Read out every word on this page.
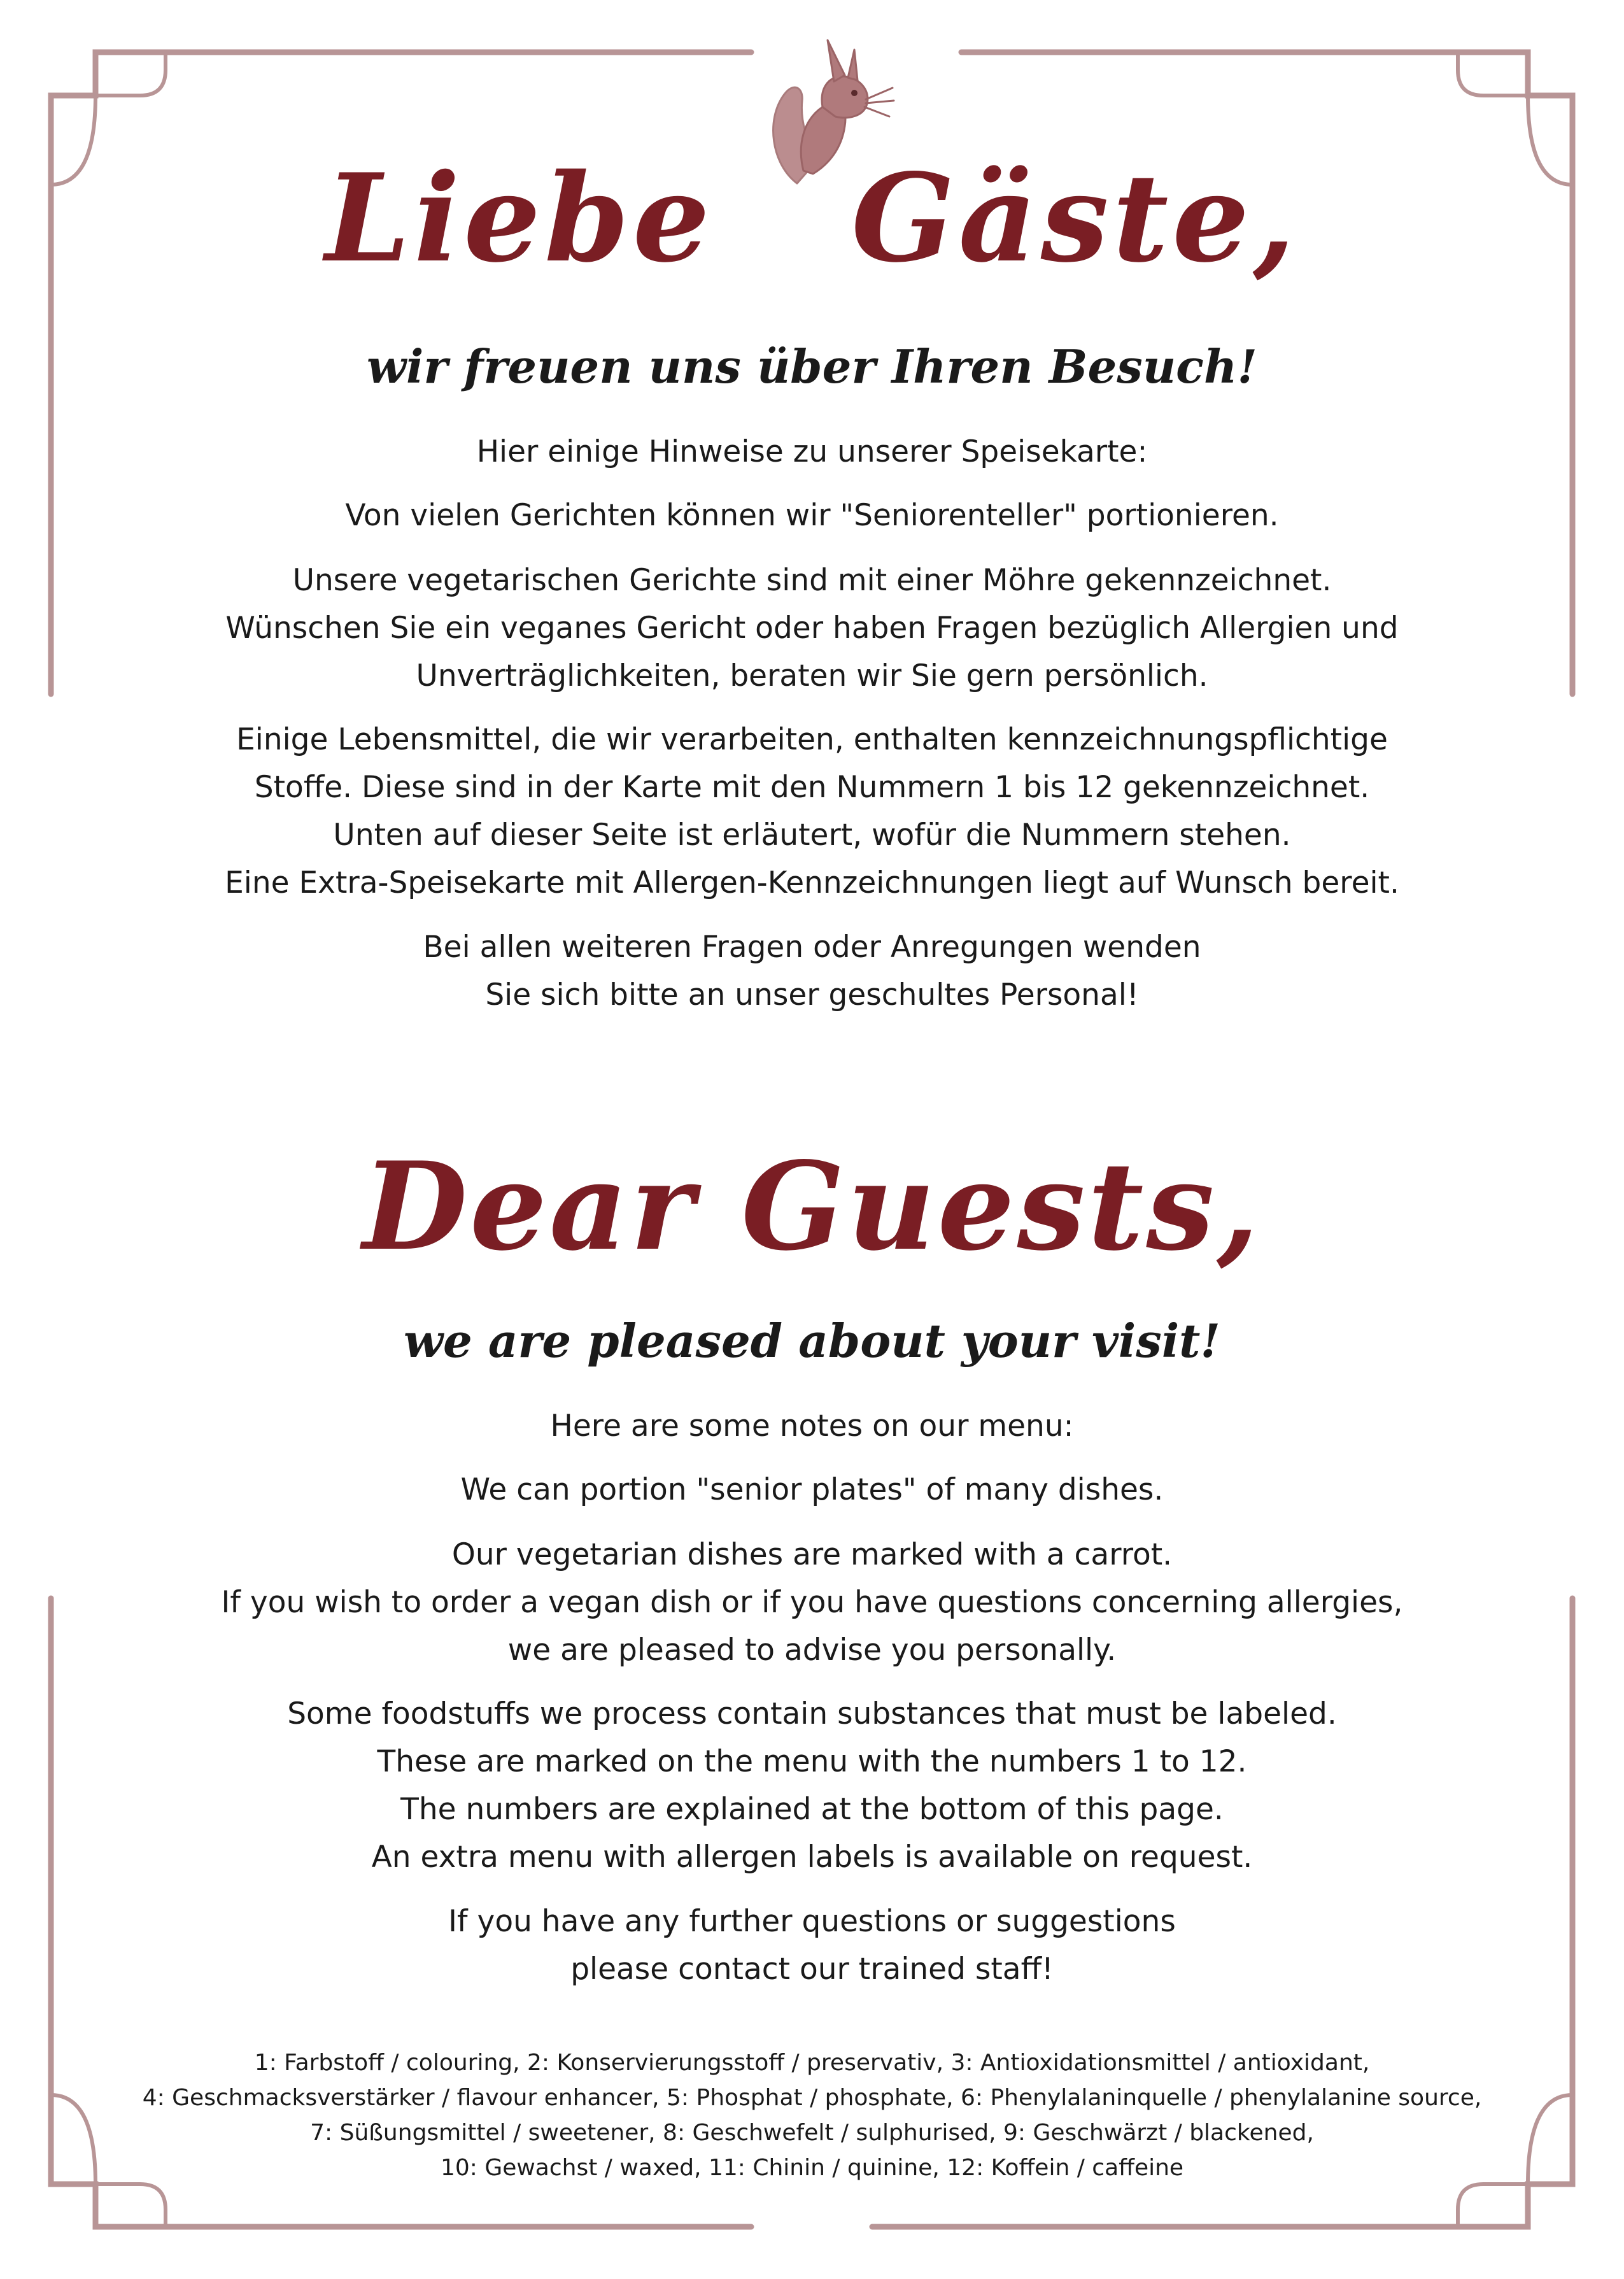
Liebe   Gäste,
wir freuen uns über Ihren Besuch!

Hier einige Hinweise zu unserer Speisekarte:

Von vielen Gerichten können wir "Seniorenteller" portionieren.

Unsere vegetarischen Gerichte sind mit einer Möhre gekennzeichnet.
Wünschen Sie ein veganes Gericht oder haben Fragen bezüglich Allergien und
Unverträglichkeiten, beraten wir Sie gern persönlich.

Einige Lebensmittel, die wir verarbeiten, enthalten kennzeichnungspflichtige
Stoffe. Diese sind in der Karte mit den Nummern 1 bis 12 gekennzeichnet.
Unten auf dieser Seite ist erläutert, wofür die Nummern stehen.
Eine Extra-Speisekarte mit Allergen-Kennzeichnungen liegt auf Wunsch bereit.

Bei allen weiteren Fragen oder Anregungen wenden
Sie sich bitte an unser geschultes Personal!

Dear Guests,
we are pleased about your visit!

Here are some notes on our menu:

We can portion "senior plates" of many dishes.

Our vegetarian dishes are marked with a carrot.
If you wish to order a vegan dish or if you have questions concerning allergies,
we are pleased to advise you personally.

Some foodstuffs we process contain substances that must be labeled.
These are marked on the menu with the numbers 1 to 12.
The numbers are explained at the bottom of this page.
An extra menu with allergen labels is available on request.

If you have any further questions or suggestions
please contact our trained staff!

1: Farbstoff / colouring, 2: Konservierungsstoff / preservativ, 3: Antioxidationsmittel / antioxidant,
4: Geschmacksverstärker / flavour enhancer, 5: Phosphat / phosphate, 6: Phenylalaninquelle / phenylalanine source,
7: Süßungsmittel / sweetener, 8: Geschwefelt / sulphurised, 9: Geschwärzt / blackened,
10: Gewachst / waxed, 11: Chinin / quinine, 12: Koffein / caffeine
